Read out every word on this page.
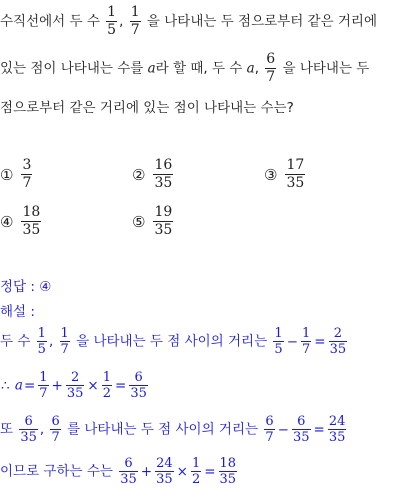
수직선에서 두 수 $\frac{1}{5}$ , $\frac{1}{7}$ 을 나타내는 두 점으로부터 같은 거리에
있는 점이 나타내는 수를 a라 할 때, 두 수 a, $\frac{6}{7}$ 을 나타내는 두
점으로부터 같은 거리에 있는 점이 나타내는 수는?
① $\frac{3}{7}$	② $\frac{16}{35}$	③ $\frac{17}{35}$
④ $\frac{18}{35}$	⑤ $\frac{19}{35}$
정답 : ④
해설 :
두 수 $\frac{1}{5}$ , $\frac{1}{7}$ 을 나타내는 두 점 사이의 거리는 $\frac{1}{5} - \frac{1}{7} = \frac{2}{35}$
∴ $a= \frac{1}{7} + \frac{2}{35} \times \frac{1}{2} = \frac{6}{35}$
또 $\frac{6}{35}$ , $\frac{6}{7}$ 를 나타내는 두 점 사이의 거리는 $\frac{6}{7} - \frac{6}{35} = \frac{24}{35}$
이므로 구하는 수는 $\frac{6}{35} + \frac{24}{35} \times \frac{1}{2} = \frac{18}{35}$
